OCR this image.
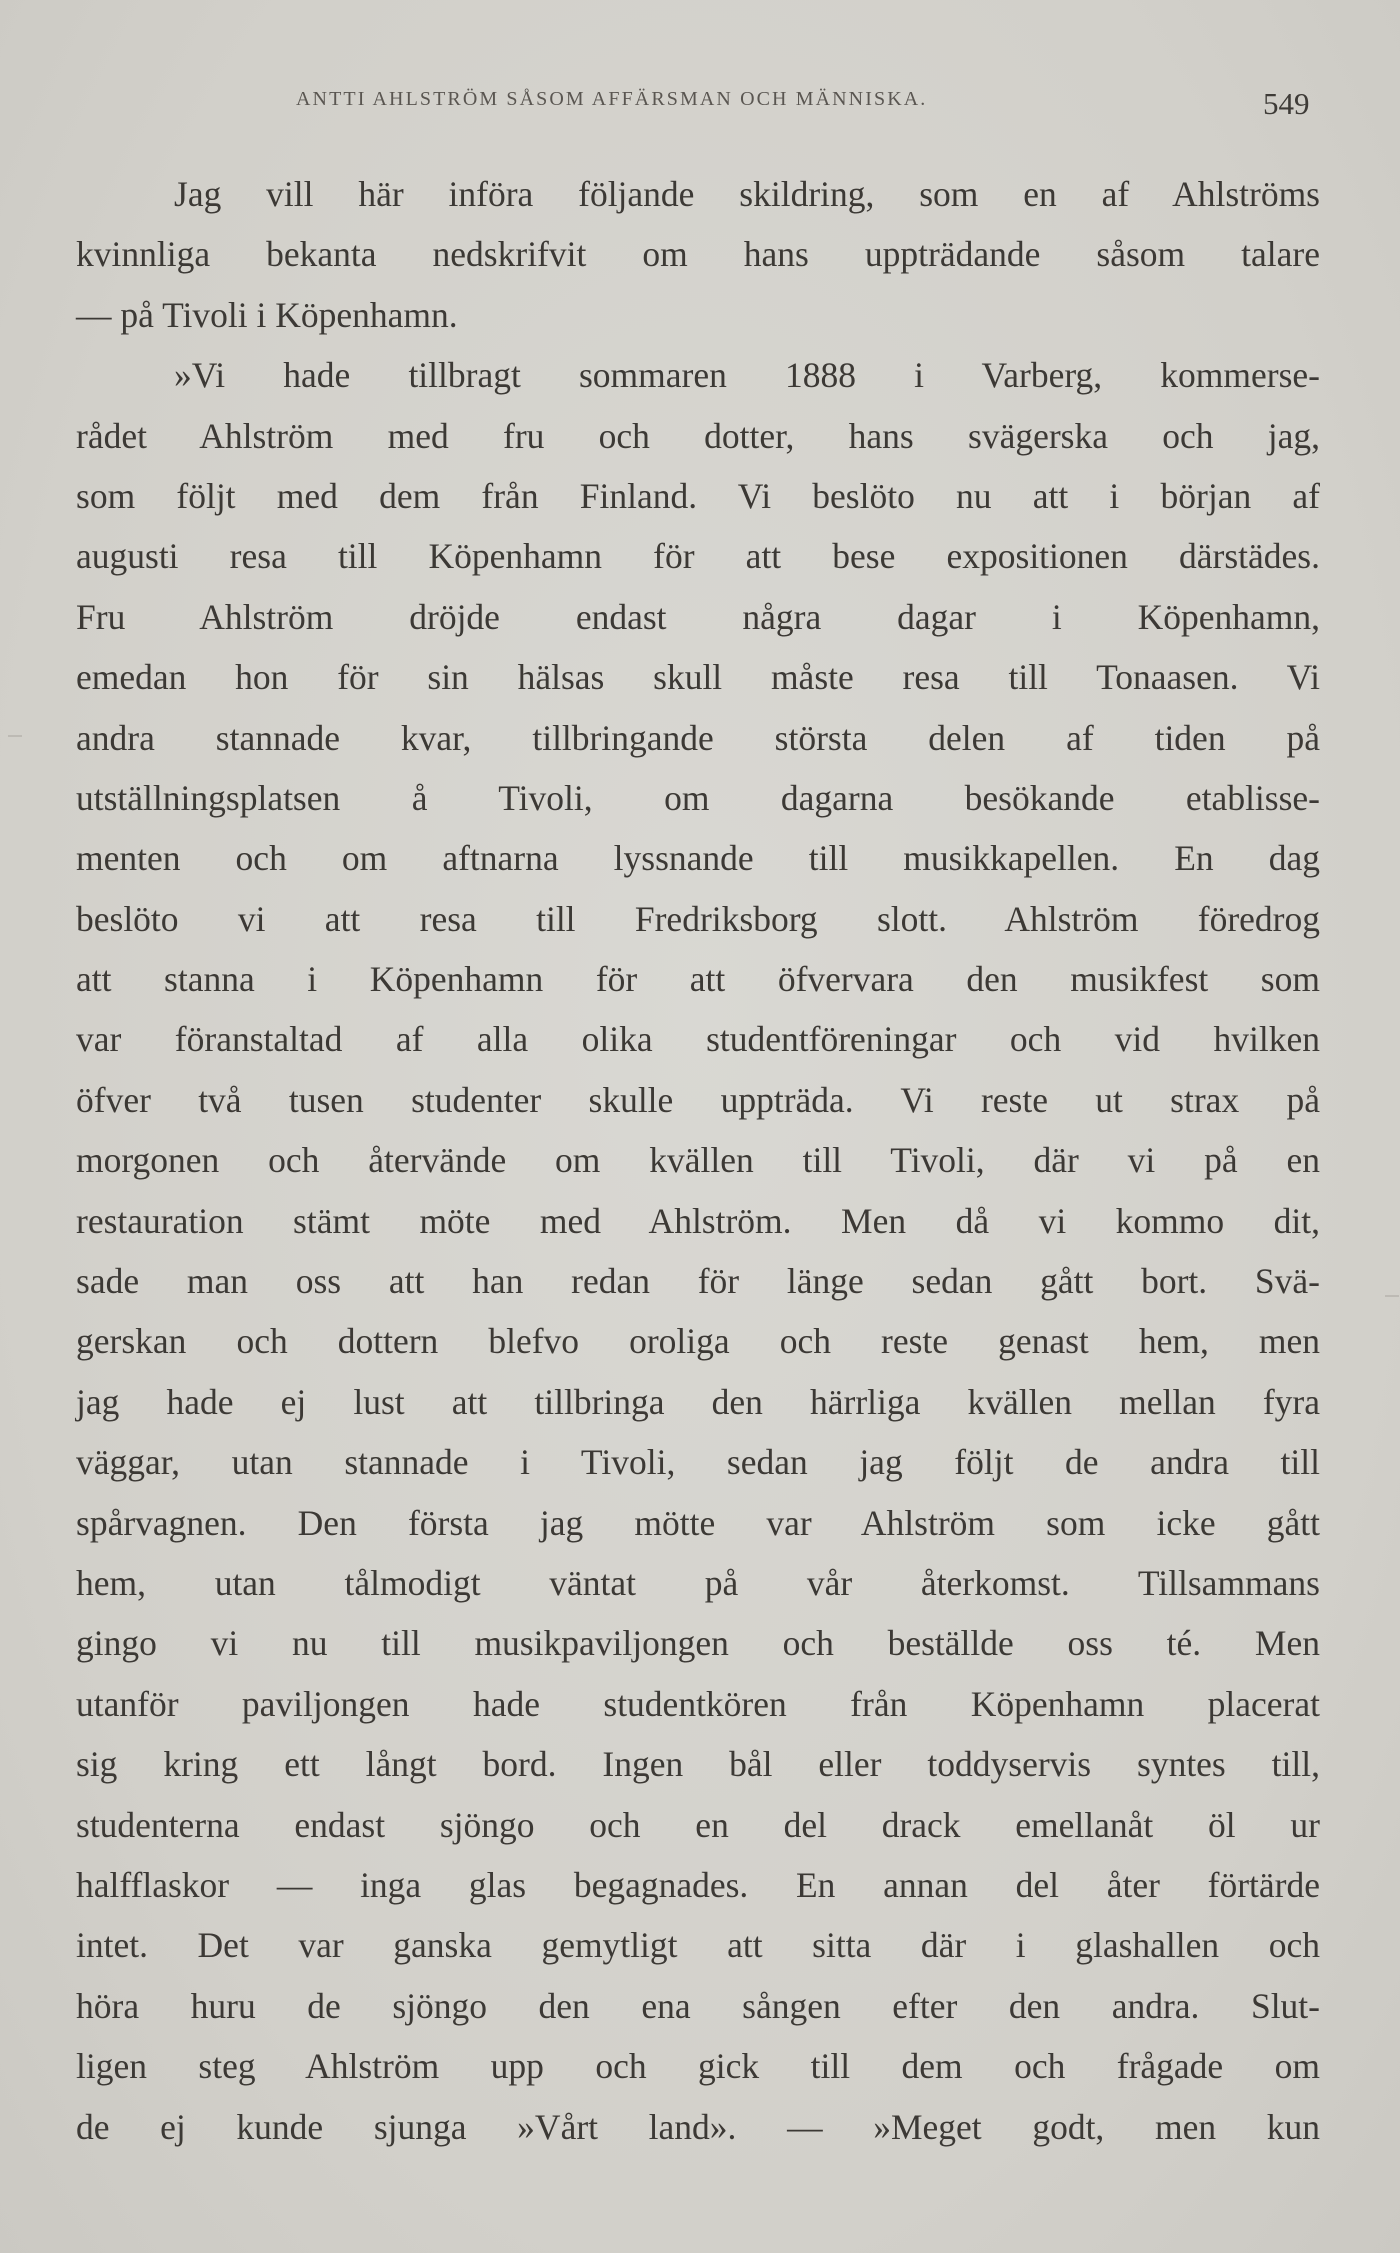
ANTTI AHLSTRÖM SÅSOM AFFÄRSMAN OCH MÄNNISKA.	549
Jag vill här införa följande skildring, som en af Ahlströms
kvinnliga bekanta nedskrifvit om hans uppträdande såsom talare
— på Tivoli i Köpenhamn.
»Vi hade tillbragt sommaren 1888 i Varberg, kommerse-
rådet Ahlström med fru och dotter, hans svägerska och jag,
som följt med dem från Finland. Vi beslöto nu att i början af
augusti resa till Köpenhamn för att bese expositionen därstädes.
Fru Ahlström dröjde endast några dagar i Köpenhamn,
emedan hon för sin hälsas skull måste resa till Tonaasen. Vi
andra stannade kvar, tillbringande största delen af tiden på
utställningsplatsen å Tivoli, om dagarna besökande etablisse-
menten och om aftnarna lyssnande till musikkapellen. En dag
beslöto vi att resa till Fredriksborg slott. Ahlström föredrog
att stanna i Köpenhamn för att öfvervara den musikfest som
var föranstaltad af alla olika studentföreningar och vid hvilken
öfver två tusen studenter skulle uppträda. Vi reste ut strax på
morgonen och återvände om kvällen till Tivoli, där vi på en
restauration stämt möte med Ahlström. Men då vi kommo dit,
sade man oss att han redan för länge sedan gått bort. Svä-
gerskan och dottern blefvo oroliga och reste genast hem, men
jag hade ej lust att tillbringa den härrliga kvällen mellan fyra
väggar, utan stannade i Tivoli, sedan jag följt de andra till
spårvagnen. Den första jag mötte var Ahlström som icke gått
hem, utan tålmodigt väntat på vår återkomst. Tillsammans
gingo vi nu till musikpaviljongen och beställde oss té. Men
utanför paviljongen hade studentkören från Köpenhamn placerat
sig kring ett långt bord. Ingen bål eller toddyservis syntes till,
studenterna endast sjöngo och en del drack emellanåt öl ur
halfflaskor — inga glas begagnades. En annan del åter förtärde
intet. Det var ganska gemytligt att sitta där i glashallen och
höra huru de sjöngo den ena sången efter den andra. Slut-
ligen steg Ahlström upp och gick till dem och frågade om
de ej kunde sjunga »Vårt land». — »Meget godt, men kun
